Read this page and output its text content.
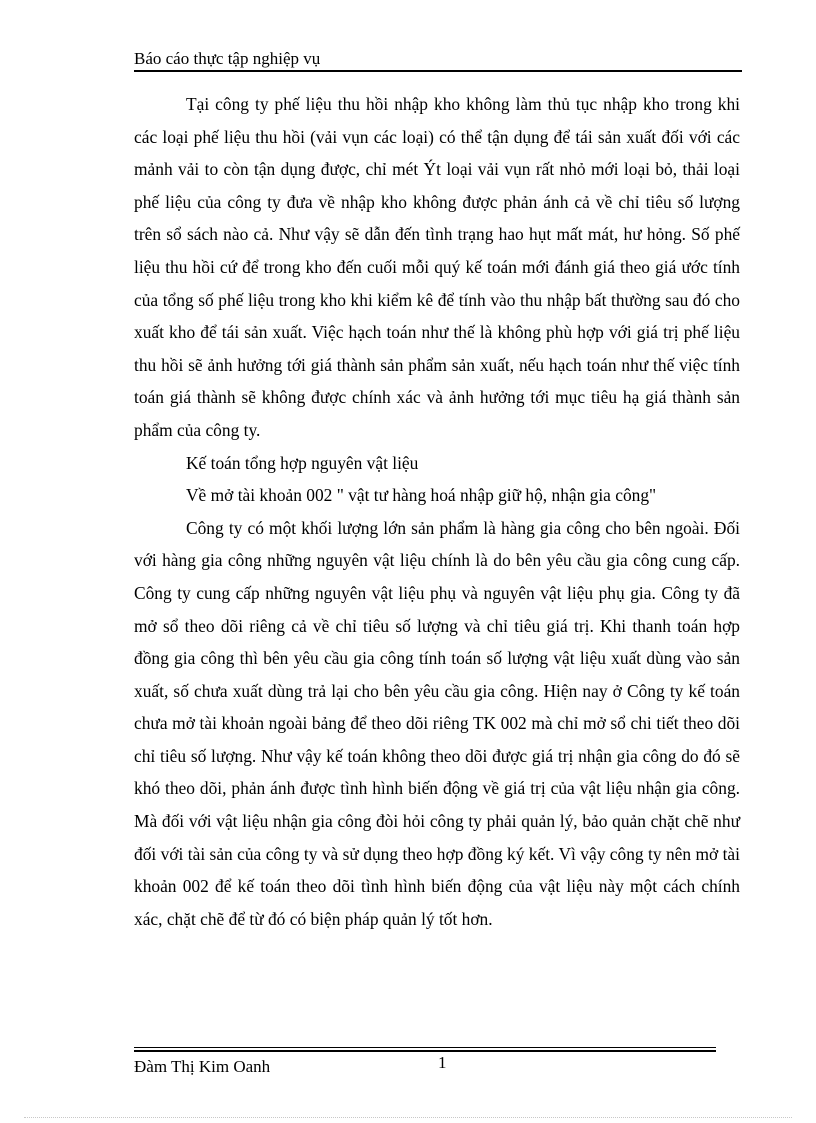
Báo cáo thực tập nghiệp vụ

Tại công ty phế liệu thu hồi nhập kho không làm thủ tục nhập kho trong khi các loại phế liệu thu hồi (vải vụn các loại) có thể tận dụng để tái sản xuất đối với các mảnh vải to còn tận dụng được, chỉ mét Ýt loại vải vụn rất nhỏ mới loại bỏ, thải loại phế liệu của công ty đưa về nhập kho không được phản ánh cả về chỉ tiêu số lượng trên sổ sách nào cả. Như vậy sẽ dẫn đến tình trạng hao hụt mất mát, hư hỏng. Số phế liệu thu hồi cứ để trong kho đến cuối mỗi quý kế toán mới đánh giá theo giá ước tính của tổng số phế liệu trong kho khi kiểm kê để tính vào thu nhập bất thường sau đó cho xuất kho để tái sản xuất. Việc hạch toán như thế là không phù hợp với giá trị phế liệu thu hồi sẽ ảnh hưởng tới giá thành sản phẩm sản xuất, nếu hạch toán như thế việc tính toán giá thành sẽ không được chính xác và ảnh hưởng tới mục tiêu hạ giá thành sản phẩm của công ty.

Kế toán tổng hợp nguyên vật liệu

Về mở tài khoản 002 " vật tư hàng hoá nhập giữ hộ, nhận gia công"

Công ty có một khối lượng lớn sản phẩm là hàng gia công cho bên ngoài. Đối với hàng gia công những nguyên vật liệu chính là do bên yêu cầu gia công cung cấp. Công ty cung cấp những nguyên vật liệu phụ và nguyên vật liệu phụ gia. Công ty đã mở sổ theo dõi riêng cả về chỉ tiêu số lượng và chỉ tiêu giá trị. Khi thanh toán hợp đồng gia công thì bên yêu cầu gia công tính toán số lượng vật liệu xuất dùng vào sản xuất, số chưa xuất dùng trả lại cho bên yêu cầu gia công. Hiện nay ở Công ty kế toán chưa mở tài khoản ngoài bảng để theo dõi riêng TK 002 mà chỉ mở sổ chi tiết theo dõi chỉ tiêu số lượng. Như vậy kế toán không theo dõi được giá trị nhận gia công do đó sẽ khó theo dõi, phản ánh được tình hình biến động về giá trị của vật liệu nhận gia công. Mà đối với vật liệu nhận gia công đòi hỏi công ty phải quản lý, bảo quản chặt chẽ như đối với tài sản của công ty và sử dụng theo hợp đồng ký kết. Vì vậy công ty nên mở tài khoản 002 để kế toán theo dõi tình hình biến động của vật liệu này một cách chính xác, chặt chẽ để từ đó có biện pháp quản lý tốt hơn.

Đàm Thị Kim Oanh	1
